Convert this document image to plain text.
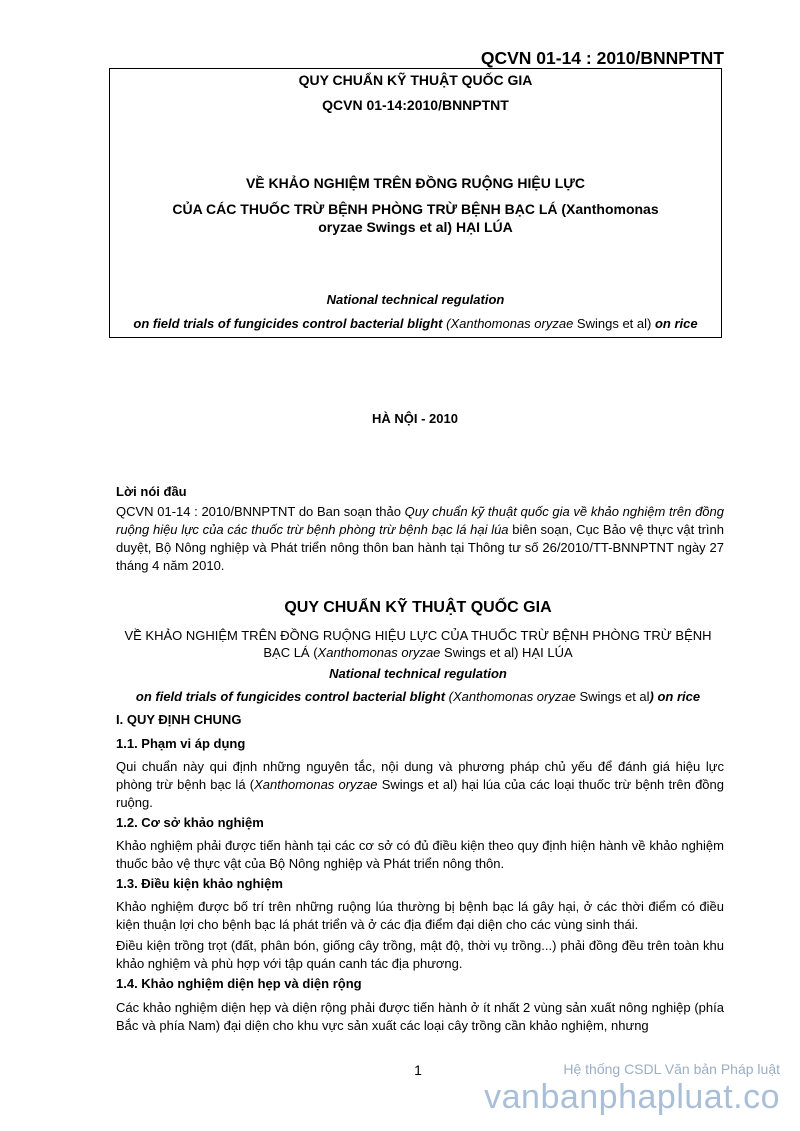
QCVN 01-14 : 2010/BNNPTNT
QUY CHUẨN KỸ THUẬT QUỐC GIA
QCVN 01-14:2010/BNNPTNT
VỀ KHẢO NGHIỆM TRÊN ĐỒNG RUỘNG HIỆU LỰC
CỦA CÁC THUỐC TRỪ BỆNH PHÒNG TRỪ BỆNH BẠC LÁ (Xanthomonas
oryzae Swings et al) HẠI LÚA
National technical regulation
on field trials of fungicides control bacterial blight (Xanthomonas oryzae Swings et al) on rice
HÀ NỘI - 2010
Lời nói đầu
QCVN 01-14 : 2010/BNNPTNT do Ban soạn thảo Quy chuẩn kỹ thuật quốc gia về khảo nghiệm trên đồng ruộng hiệu lực của các thuốc trừ bệnh phòng trừ bệnh bạc lá hại lúa biên soạn, Cục Bảo vệ thực vật trình duyệt, Bộ Nông nghiệp và Phát triển nông thôn ban hành tại Thông tư số 26/2010/TT-BNNPTNT ngày 27 tháng 4 năm 2010.
QUY CHUẨN KỸ THUẬT QUỐC GIA
VỀ KHẢO NGHIỆM TRÊN ĐỒNG RUỘNG HIỆU LỰC CỦA THUỐC TRỪ BỆNH PHÒNG TRỪ BỆNH
BẠC LÁ (Xanthomonas oryzae Swings et al) HẠI LÚA
National technical regulation
on field trials of fungicides control bacterial blight (Xanthomonas oryzae Swings et al) on rice
I. QUY ĐỊNH CHUNG
1.1. Phạm vi áp dụng
Qui chuẩn này qui định những nguyên tắc, nội dung và phương pháp chủ yếu để đánh giá hiệu lực phòng trừ bệnh bạc lá (Xanthomonas oryzae Swings et al) hại lúa của các loại thuốc trừ bệnh trên đồng ruộng.
1.2. Cơ sở khảo nghiệm
Khảo nghiệm phải được tiến hành tại các cơ sở có đủ điều kiện theo quy định hiện hành về khảo nghiệm thuốc bảo vệ thực vật của Bộ Nông nghiệp và Phát triển nông thôn.
1.3. Điều kiện khảo nghiệm
Khảo nghiệm được bố trí trên những ruộng lúa thường bị bệnh bạc lá gây hại, ở các thời điểm có điều kiện thuận lợi cho bệnh bạc lá phát triển và ở các địa điểm đại diện cho các vùng sinh thái.
Điều kiện trồng trọt (đất, phân bón, giống cây trồng, mật độ, thời vụ trồng...) phải đồng đều trên toàn khu khảo nghiệm và phù hợp với tập quán canh tác địa phương.
1.4. Khảo nghiệm diện hẹp và diện rộng
Các khảo nghiệm diện hẹp và diện rộng phải được tiến hành ở ít nhất 2 vùng sản xuất nông nghiệp (phía Bắc và phía Nam) đại diện cho khu vực sản xuất các loại cây trồng cần khảo nghiệm, nhưng
1	Hệ thống CSDL Văn bản Pháp luật
vanbanphapluat.co
